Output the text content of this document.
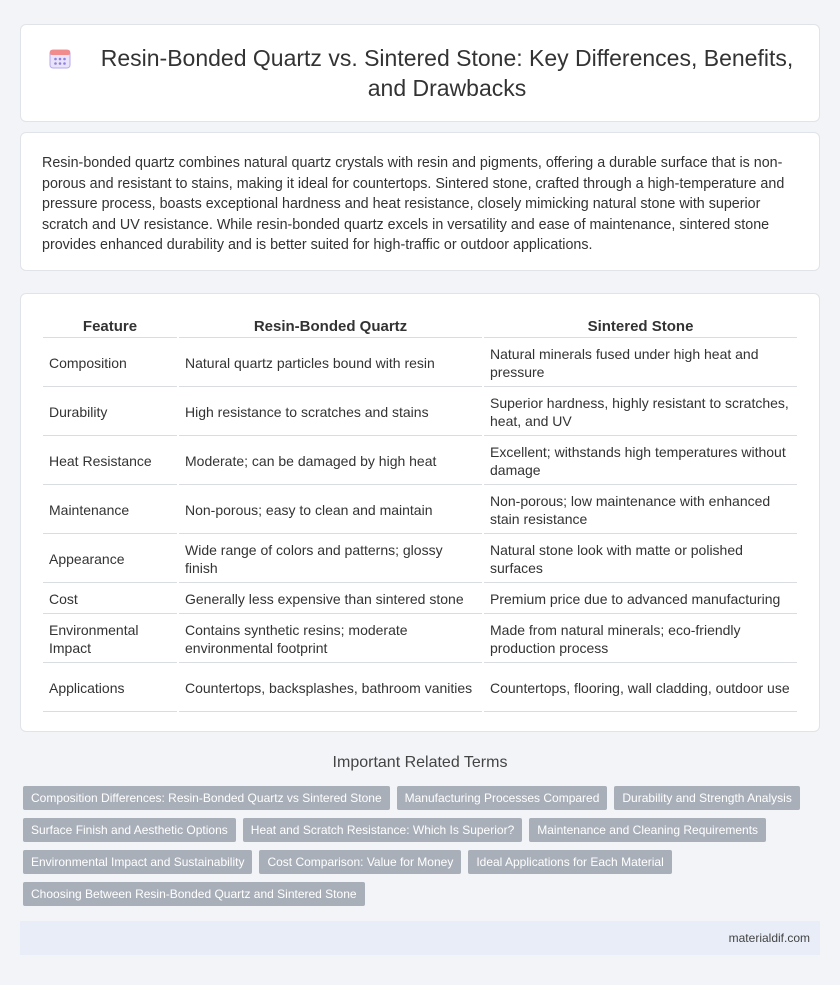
Resin-Bonded Quartz vs. Sintered Stone: Key Differences, Benefits, and Drawbacks

Resin-bonded quartz combines natural quartz crystals with resin and pigments, offering a durable surface that is non-porous and resistant to stains, making it ideal for countertops. Sintered stone, crafted through a high-temperature and pressure process, boasts exceptional hardness and heat resistance, closely mimicking natural stone with superior scratch and UV resistance. While resin-bonded quartz excels in versatility and ease of maintenance, sintered stone provides enhanced durability and is better suited for high-traffic or outdoor applications.

Feature	Resin-Bonded Quartz	Sintered Stone
Composition	Natural quartz particles bound with resin	Natural minerals fused under high heat and pressure
Durability	High resistance to scratches and stains	Superior hardness, highly resistant to scratches, heat, and UV
Heat Resistance	Moderate; can be damaged by high heat	Excellent; withstands high temperatures without damage
Maintenance	Non-porous; easy to clean and maintain	Non-porous; low maintenance with enhanced stain resistance
Appearance	Wide range of colors and patterns; glossy finish	Natural stone look with matte or polished surfaces
Cost	Generally less expensive than sintered stone	Premium price due to advanced manufacturing
Environmental Impact	Contains synthetic resins; moderate environmental footprint	Made from natural minerals; eco-friendly production process
Applications	Countertops, backsplashes, bathroom vanities	Countertops, flooring, wall cladding, outdoor use
Important Related Terms
Composition Differences: Resin-Bonded Quartz vs Sintered Stone	Manufacturing Processes Compared	Durability and Strength Analysis
Surface Finish and Aesthetic Options	Heat and Scratch Resistance: Which Is Superior?	Maintenance and Cleaning Requirements
Environmental Impact and Sustainability	Cost Comparison: Value for Money	Ideal Applications for Each Material
Choosing Between Resin-Bonded Quartz and Sintered Stone
materialdif.com
